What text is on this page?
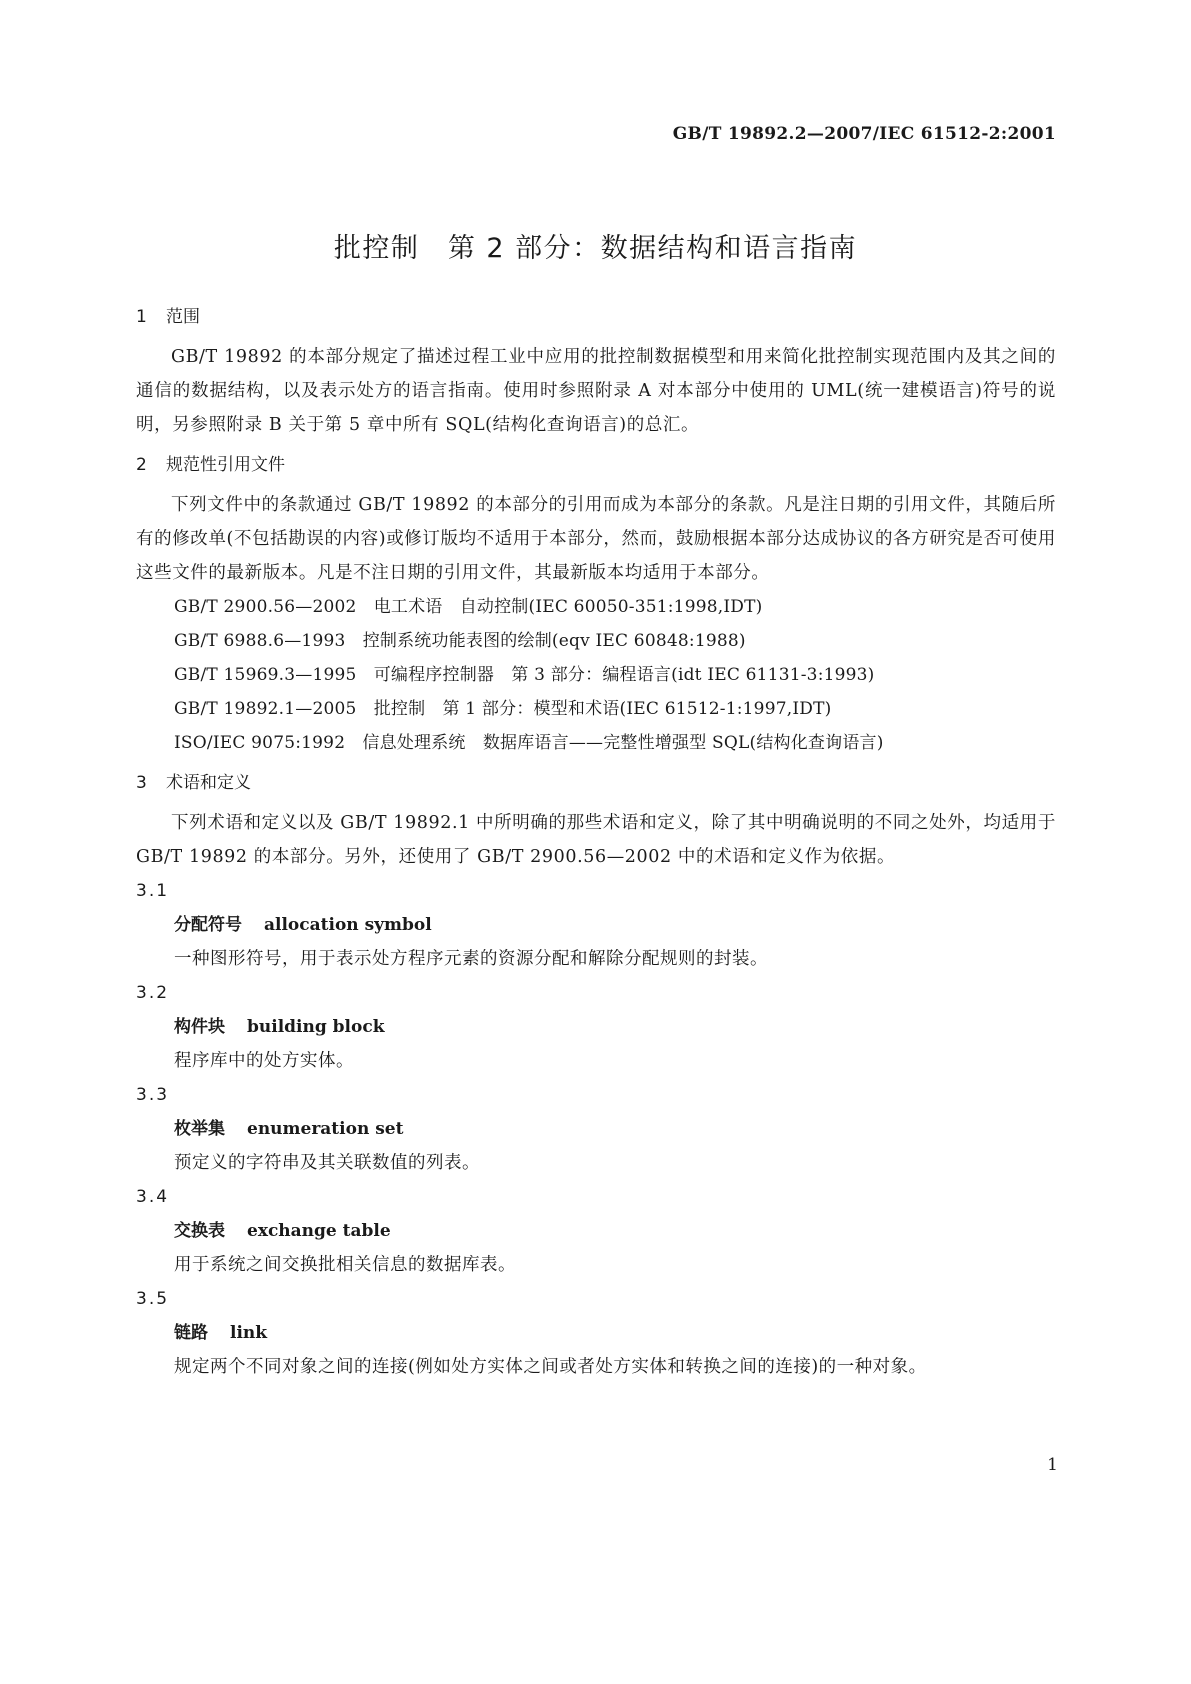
GB/T 19892.2—2007/IEC 61512-2:2001
批控制　第 2 部分：数据结构和语言指南
1 范围
GB/T 19892 的本部分规定了描述过程工业中应用的批控制数据模型和用来简化批控制实现范围内及其之间的通信的数据结构，以及表示处方的语言指南。使用时参照附录 A 对本部分中使用的 UML(统一建模语言)符号的说明，另参照附录 B 关于第 5 章中所有 SQL(结构化查询语言)的总汇。
2 规范性引用文件
下列文件中的条款通过 GB/T 19892 的本部分的引用而成为本部分的条款。凡是注日期的引用文件，其随后所有的修改单(不包括勘误的内容)或修订版均不适用于本部分，然而，鼓励根据本部分达成协议的各方研究是否可使用这些文件的最新版本。凡是不注日期的引用文件，其最新版本均适用于本部分。
GB/T 2900.56—2002　电工术语　自动控制(IEC 60050-351:1998,IDT)
GB/T 6988.6—1993　控制系统功能表图的绘制(eqv IEC 60848:1988)
GB/T 15969.3—1995　可编程序控制器　第 3 部分：编程语言(idt IEC 61131-3:1993)
GB/T 19892.1—2005　批控制　第 1 部分：模型和术语(IEC 61512-1:1997,IDT)
ISO/IEC 9075:1992　信息处理系统　数据库语言——完整性增强型 SQL(结构化查询语言)
3 术语和定义
下列术语和定义以及 GB/T 19892.1 中所明确的那些术语和定义，除了其中明确说明的不同之处外，均适用于 GB/T 19892 的本部分。另外，还使用了 GB/T 2900.56—2002 中的术语和定义作为依据。
3.1
分配符号 allocation symbol
一种图形符号，用于表示处方程序元素的资源分配和解除分配规则的封装。
3.2
构件块 building block
程序库中的处方实体。
3.3
枚举集 enumeration set
预定义的字符串及其关联数值的列表。
3.4
交换表 exchange table
用于系统之间交换批相关信息的数据库表。
3.5
链路 link
规定两个不同对象之间的连接(例如处方实体之间或者处方实体和转换之间的连接)的一种对象。
1
